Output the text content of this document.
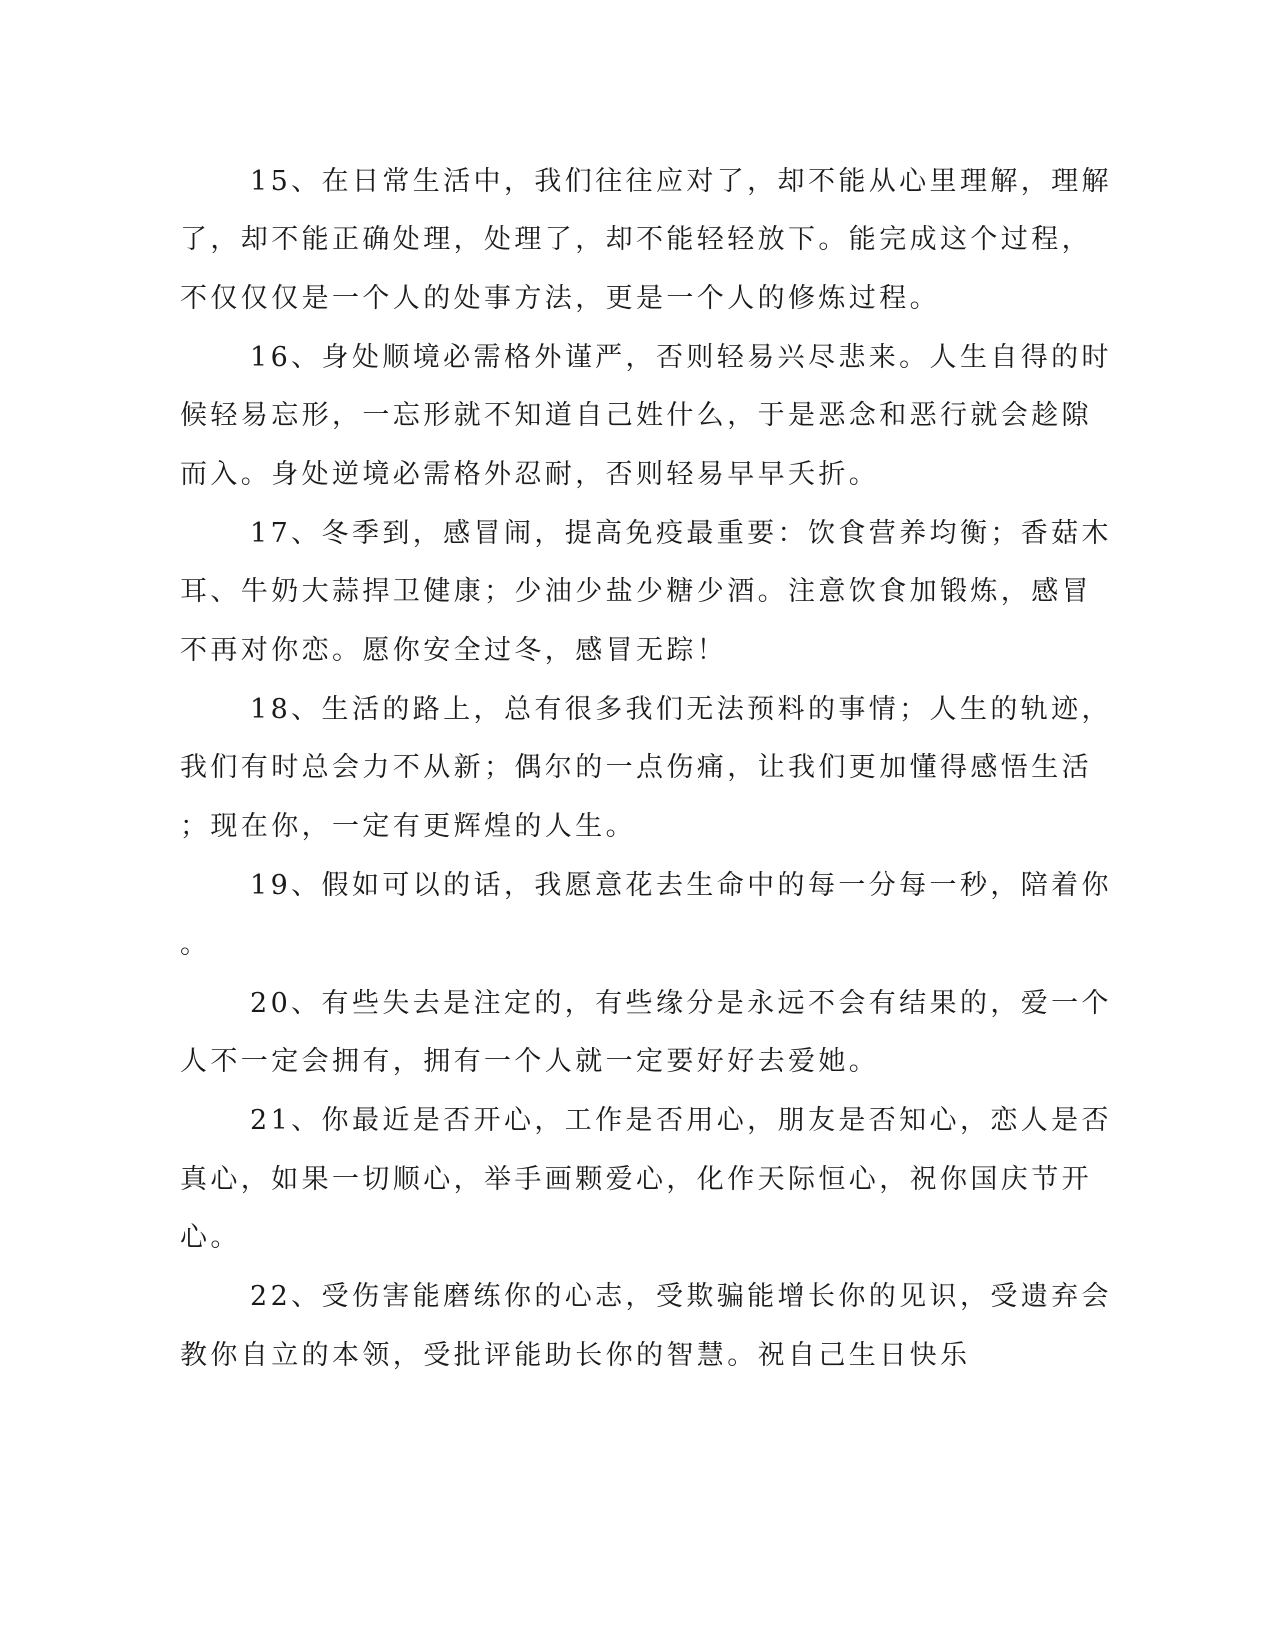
15、在日常生活中，我们往往应对了，却不能从心里理解，理解
了，却不能正确处理，处理了，却不能轻轻放下。能完成这个过程，
不仅仅仅是一个人的处事方法，更是一个人的修炼过程。
16、身处顺境必需格外谨严，否则轻易兴尽悲来。人生自得的时
候轻易忘形，一忘形就不知道自己姓什么，于是恶念和恶行就会趁隙
而入。身处逆境必需格外忍耐，否则轻易早早夭折。
17、冬季到，感冒闹，提高免疫最重要：饮食营养均衡；香菇木
耳、牛奶大蒜捍卫健康；少油少盐少糖少酒。注意饮食加锻炼，感冒
不再对你恋。愿你安全过冬，感冒无踪！
18、生活的路上，总有很多我们无法预料的事情；人生的轨迹，
我们有时总会力不从新；偶尔的一点伤痛，让我们更加懂得感悟生活
；现在你，一定有更辉煌的人生。
19、假如可以的话，我愿意花去生命中的每一分每一秒，陪着你
。
20、有些失去是注定的，有些缘分是永远不会有结果的，爱一个
人不一定会拥有，拥有一个人就一定要好好去爱她。
21、你最近是否开心，工作是否用心，朋友是否知心，恋人是否
真心，如果一切顺心，举手画颗爱心，化作天际恒心，祝你国庆节开
心。
22、受伤害能磨练你的心志，受欺骗能增长你的见识，受遗弃会
教你自立的本领，受批评能助长你的智慧。祝自己生日快乐
